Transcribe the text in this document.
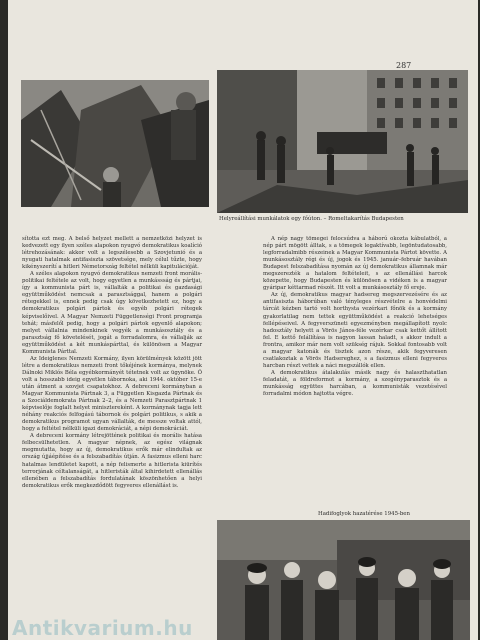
287
Helyreállítási munkálatok egy főúton. – Romeltakarítás Budapesten

sította ezt meg. A belső helyzet mellett a nemzetközi helyzet is kedvezett egy ilyen széles alapokon nyugvó demokratikus koalíció létrehozásának: akkor volt a legszélesebb a Szovjetunió és a nyugati hatalmak antifasiszta szövetsége, mely célul tűzte, hogy kikényszerítí a hitleri Németország feltétel nélküli kapitulációját.

A széles alapokon nyugvó demokratikus nemzeti front morális-politikai feltétele az volt, hogy egyetlen a munkássság és pártjai, így a kommunista párt is, vállalták a politikai és gazdasági együttműködést nemcsak a parasztsággal, hanem a polgári rétegekkel is, ennek pedig csak úgy következhetett ez, hogy a demokratikus polgári pártok és egyéb polgári rétegek képviselőivel. A Magyar Nemzeti Függetlenségi Front programja tehát; másfelől pedig, hogy a polgári pártok egyenlő alapokon; melyet vállalnia mindenkinek vegyék a munkásosztály és a parasztság fő követelését, jogát a forradalomra, és vállalják az együttműködést a két munkáspárttal, és különösen a Magyar Kommunista Párttal.

Az Ideiglenes Nemzeti Kormány, ilyen körülmények között jött létre a demokratikus nemzeti front tőkéjének kormánya, melynek Dálnoki Miklós Béla egyébkormányét tétetnek volt az ügynöke. Ő volt a hosszabb ideig egyetlen tábornoka, aki 1944. október 15-e után átment a szovjet csapatokhoz. A debreceni kormányban a Magyar Kommunista Pártnak 3, a Független Kisgazda Pártnak és a Szociáldemokrata Pártnak 2–2, és a Nemzeti Parasztpártnak 1 képviselője foglalt helyet minisztereként. A kormánynak tagja lett néhány reakciós felfogású tábornok és polgári politikus, s akik a demokratikus programot ugyan vállalták, de messze voltak attól, hogy a feltétel nélküli igazi demokráciát, a népi demokráciát.

A debreceni kormány létrejöttének politikai és morális hatása felbecsülhetetlen. A magyar népnek, az egész világnak megmutatta, hogy az új, demokratikus erők már elindultak az ország újjáépítése és a felszabadítás útján. A fasizmus elleni harc hatalmas lendületet kapott, a nép felismerte a hitlerista kiürítés terrorjának céltalanságát, a hitleristák által kihirdetett ellenállás ellenében a felszabadítás fordulatának köszönhetően a helyi demokratikus erők megkezdődött fegyveres ellenállást is.

A nép nagy tömegei felocsúdva a háború okozta kábulatból, a nép párt mögött álltak, s a tömegek legaktívabb, legöntudatosabb, legforradalmibb részeinek a Magyar Kommunista Pártot követte. A munkásosztály régi és új, jogok és 1945. január–február havában Budapest felszabadítása nyomán az új demokratikus államnak már megszerezték a hatalom feltételeit, s az ellenállási harcok közepette, hogy Budapesten és különösen a vidéken is a magyar gyáripar kéttarmad részét. Itt volt a munkásosztály fő ereje.

Az új, demokratikus magyar hadsereg megszervezésére és az antifasiszta háborúban való tényleges részvételre a honvédelmi tárcát kézben tartó volt horthysta vezérkari főnök és a kormány gyakorlatilag nem tettek együttműködést a reakció lehetséges fellépéseivel. A fegyverszüneti egyezményben megállapított nyolc hadosztály helyett a Vörös János-féle vezérkar csak kettőt állított fel. E kettő felállítása is nagyon lassan haladt, s akkor indult a frontra, amikor már nem volt szükség rájuk. Sokkal fontosabb volt a magyar katonák és tisztek azon része, akik fegyveresen csatlakoztak a Vörös Hadsereghez, s a fasizmus elleni fegyveres harcban részt vettek a náci megszállók ellen.

A demokratikus átalakulás másik nagy és halaszthatatlan feladatát, a földreformot a kormány, a szegényparasztok és a munkásság együttes harcában, a kommunisták vezetésével forradalmi módon hajtotta végre.

Hadifoglyok hazatérése 1945-ben
Antikvarium.hu
